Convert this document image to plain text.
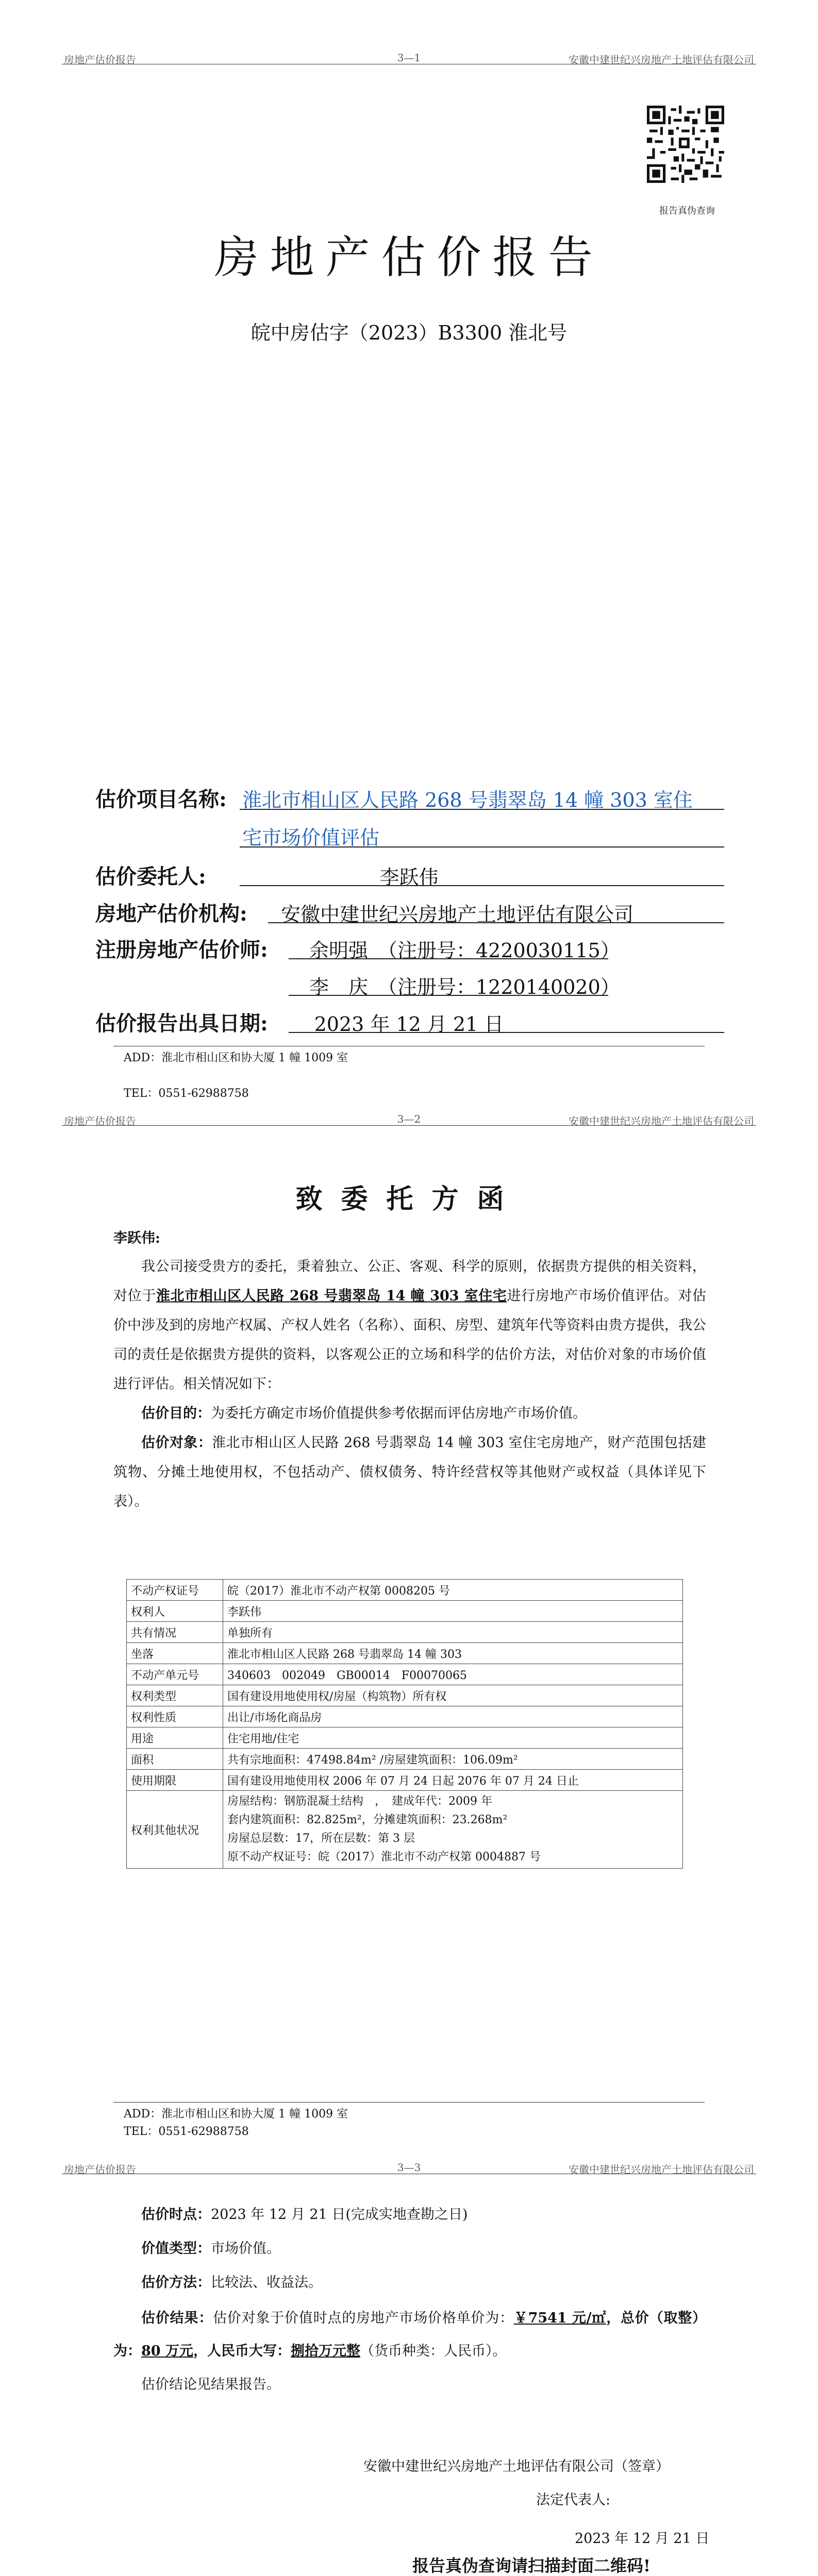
房地产估价报告	3—1	安徽中建世纪兴房地产土地评估有限公司
报告真伪查询
房地产估价报告
皖中房估字（2023）B3300 淮北号
估价项目名称: 淮北市相山区人民路 268 号翡翠岛 14 幢 303 室住
宅市场价值评估
估价委托人:	李跃伟
房地产估价机构: 安徽中建世纪兴房地产土地评估有限公司
注册房地产估价师: 余明强　（注册号：4220030115）
李　庆　（注册号：1220140020）
估价报告出具日期:	2023 年 12 月 21 日
ADD：淮北市相山区和协大厦 1 幢 1009 室
TEL：0551-62988758
房地产估价报告	3—2	安徽中建世纪兴房地产土地评估有限公司
致委托方函
李跃伟:
我公司接受贵方的委托，秉着独立、公正、客观、科学的原则，依据贵方提供的相关资料，对位于淮北市相山区人民路 268 号翡翠岛 14 幢 303 室住宅进行房地产市场价值评估。对估价中涉及到的房地产权属、产权人姓名（名称）、面积、房型、建筑年代等资料由贵方提供，我公司的责任是依据贵方提供的资料，以客观公正的立场和科学的估价方法，对估价对象的市场价值进行评估。相关情况如下：
估价目的：为委托方确定市场价值提供参考依据而评估房地产市场价值。
估价对象：淮北市相山区人民路 268 号翡翠岛 14 幢 303 室住宅房地产，财产范围包括建筑物、分摊土地使用权，不包括动产、债权债务、特许经营权等其他财产或权益（具体详见下表）。
不动产权证号	皖（2017）淮北市不动产权第 0008205 号
权利人	李跃伟
共有情况	单独所有
坐落	淮北市相山区人民路 268 号翡翠岛 14 幢 303
不动产单元号	340603　002049　GB00014　F00070065
权利类型	国有建设用地使用权/房屋（构筑物）所有权
权利性质	出让/市场化商品房
用途	住宅用地/住宅
面积	共有宗地面积：47498.84m² /房屋建筑面积：106.09m²
使用期限	国有建设用地使用权 2006 年 07 月 24 日起 2076 年 07 月 24 日止
权利其他状况	房屋结构：钢筋混凝土结构　，　建成年代：2009 年
套内建筑面积：82.825m²，分摊建筑面积：23.268m²
房屋总层数：17，所在层数：第 3 层
原不动产权证号：皖（2017）淮北市不动产权第 0004887 号
ADD：淮北市相山区和协大厦 1 幢 1009 室
TEL：0551-62988758
房地产估价报告	3—3	安徽中建世纪兴房地产土地评估有限公司
估价时点：2023 年 12 月 21 日(完成实地查勘之日)
价值类型：市场价值。
估价方法：比较法、收益法。
估价结果：估价对象于价值时点的房地产市场价格单价为：￥7541 元/㎡，总价（取整）为：80 万元，人民币大写：捌拾万元整（货币种类：人民币）。
估价结论见结果报告。
安徽中建世纪兴房地产土地评估有限公司（签章）
法定代表人:
2023 年 12 月 21 日
报告真伪查询请扫描封面二维码!
